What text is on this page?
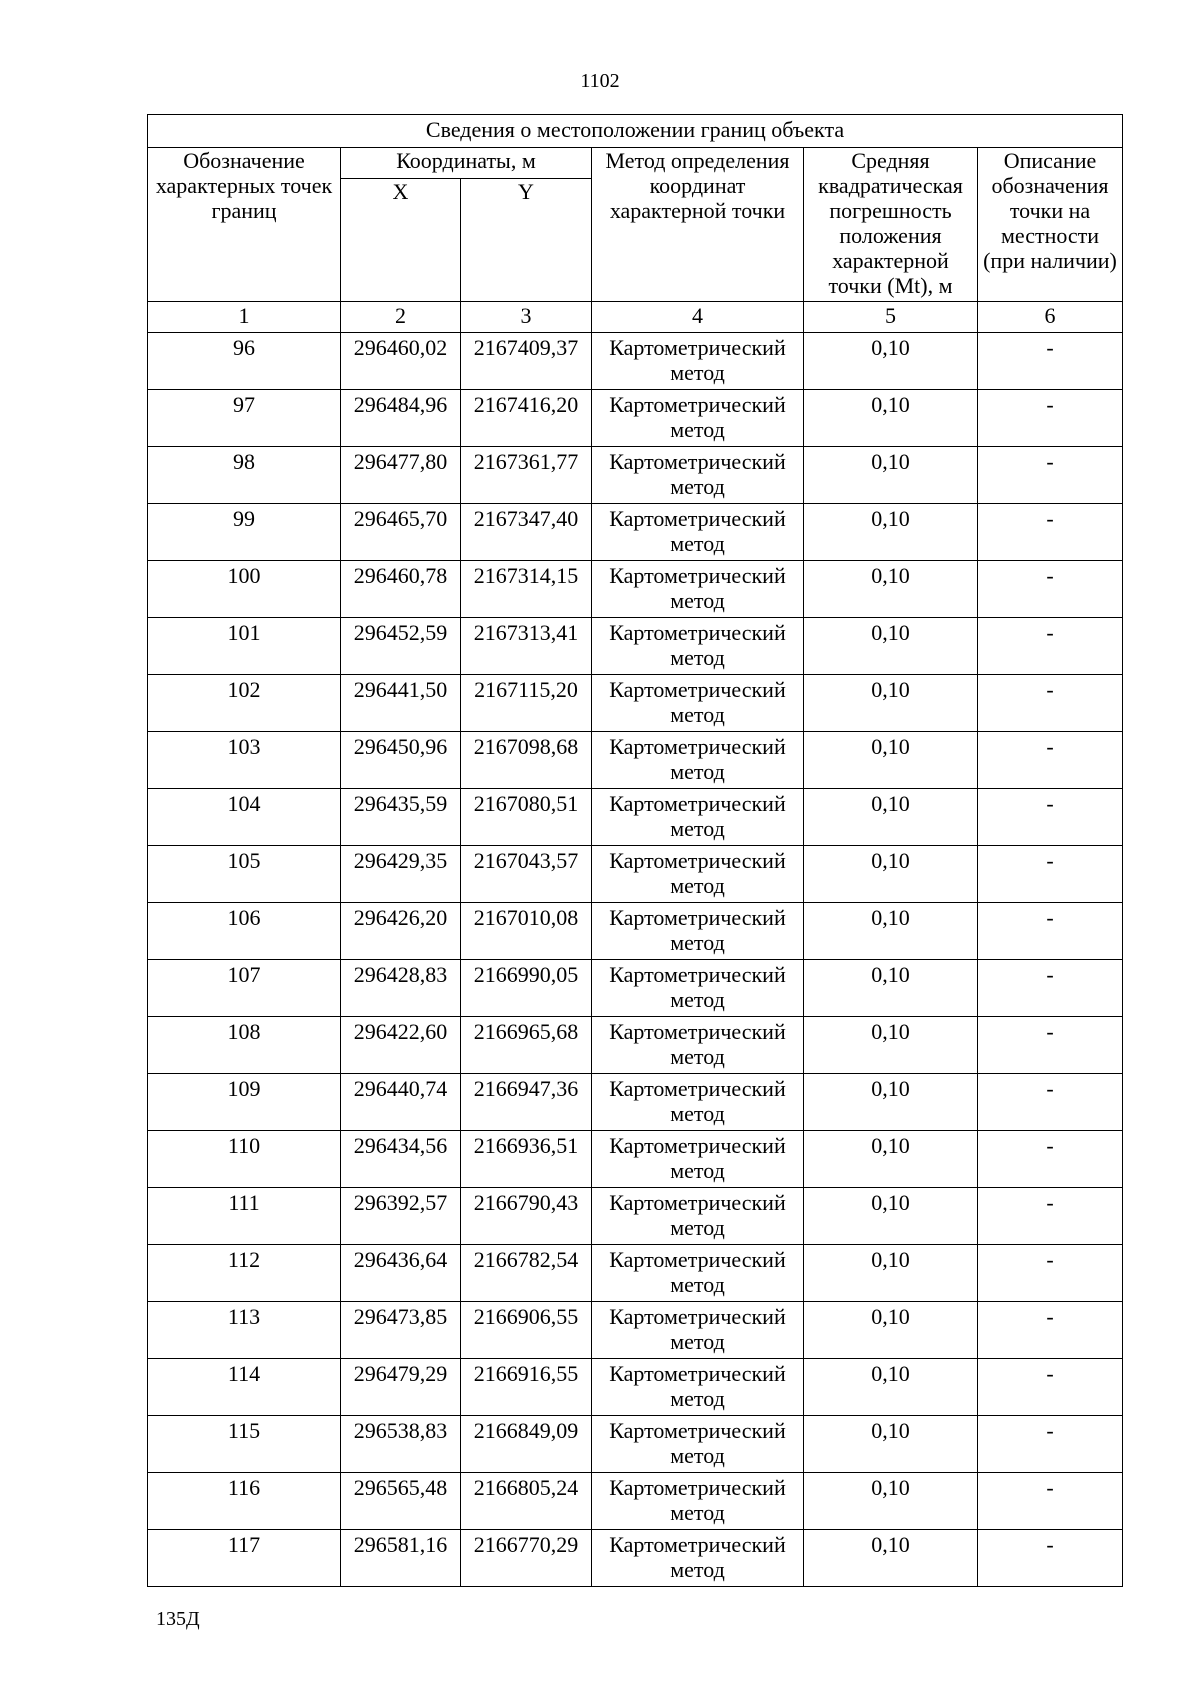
1102
Сведения о местоположении границ объекта					
Обозначение характерных точек границ	Координаты, м		Метод определения координат характерной точки	Средняя квадратическая погрешность положения характерной точки (Mt), м	Описание обозначения точки на местности (при наличии)
	X	Y			
1	2	3	4	5	6
96	296460,02	2167409,37	Картометрический метод	0,10	-
97	296484,96	2167416,20	Картометрический метод	0,10	-
98	296477,80	2167361,77	Картометрический метод	0,10	-
99	296465,70	2167347,40	Картометрический метод	0,10	-
100	296460,78	2167314,15	Картометрический метод	0,10	-
101	296452,59	2167313,41	Картометрический метод	0,10	-
102	296441,50	2167115,20	Картометрический метод	0,10	-
103	296450,96	2167098,68	Картометрический метод	0,10	-
104	296435,59	2167080,51	Картометрический метод	0,10	-
105	296429,35	2167043,57	Картометрический метод	0,10	-
106	296426,20	2167010,08	Картометрический метод	0,10	-
107	296428,83	2166990,05	Картометрический метод	0,10	-
108	296422,60	2166965,68	Картометрический метод	0,10	-
109	296440,74	2166947,36	Картометрический метод	0,10	-
110	296434,56	2166936,51	Картометрический метод	0,10	-
111	296392,57	2166790,43	Картометрический метод	0,10	-
112	296436,64	2166782,54	Картометрический метод	0,10	-
113	296473,85	2166906,55	Картометрический метод	0,10	-
114	296479,29	2166916,55	Картометрический метод	0,10	-
115	296538,83	2166849,09	Картометрический метод	0,10	-
116	296565,48	2166805,24	Картометрический метод	0,10	-
117	296581,16	2166770,29	Картометрический метод	0,10	-
135Д
